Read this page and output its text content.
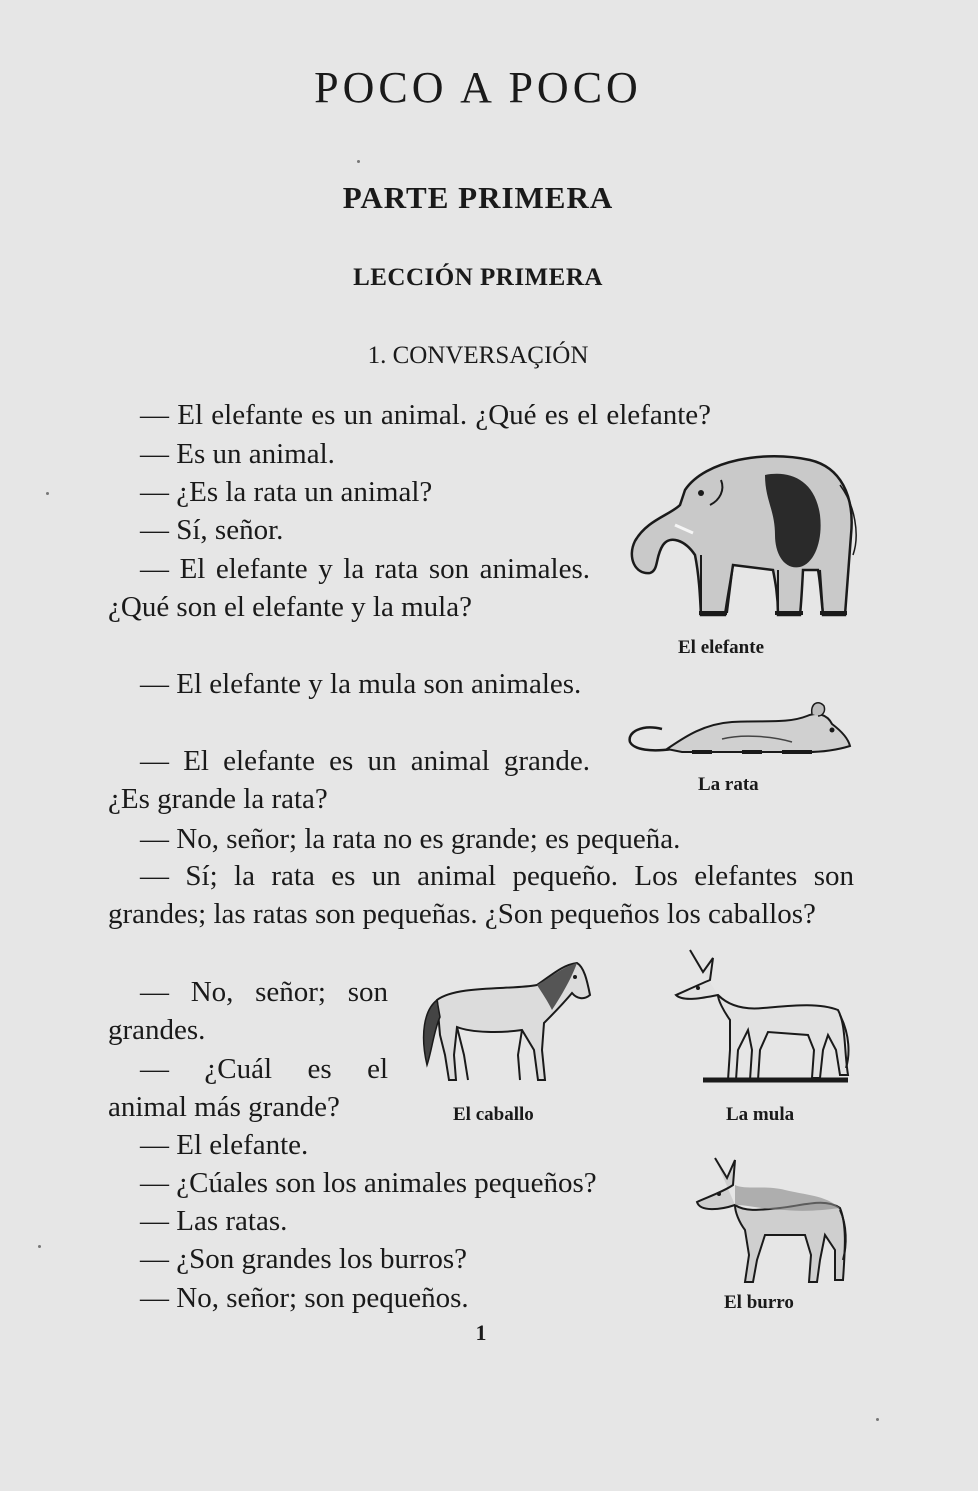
POCO A POCO
PARTE PRIMERA
LECCIÓN PRIMERA
1. CONVERSAÇIÓN
— El elefante es un animal. ¿Qué es el elefante?
— Es un animal.
— ¿Es la rata un animal?
— Sí, señor.
— El elefante y la rata son animales. ¿Qué son el elefante y la mula?
— El elefante y la mula son animales.
— El elefante es un animal grande. ¿Es grande la rata?
— No, señor; la rata no es grande; es pequeña.
— Sí; la rata es un animal pequeño. Los elefantes son grandes; las ratas son pequeñas. ¿Son pequeños los caballos?
— No, señor; son grandes.
— ¿Cuál es el animal más grande?
— El elefante.
— ¿Cúales son los animales pequeños?
— Las ratas.
— ¿Son grandes los burros?
— No, señor; son pequeños.
El elefante
La rata
El caballo	La mula
El burro
1
